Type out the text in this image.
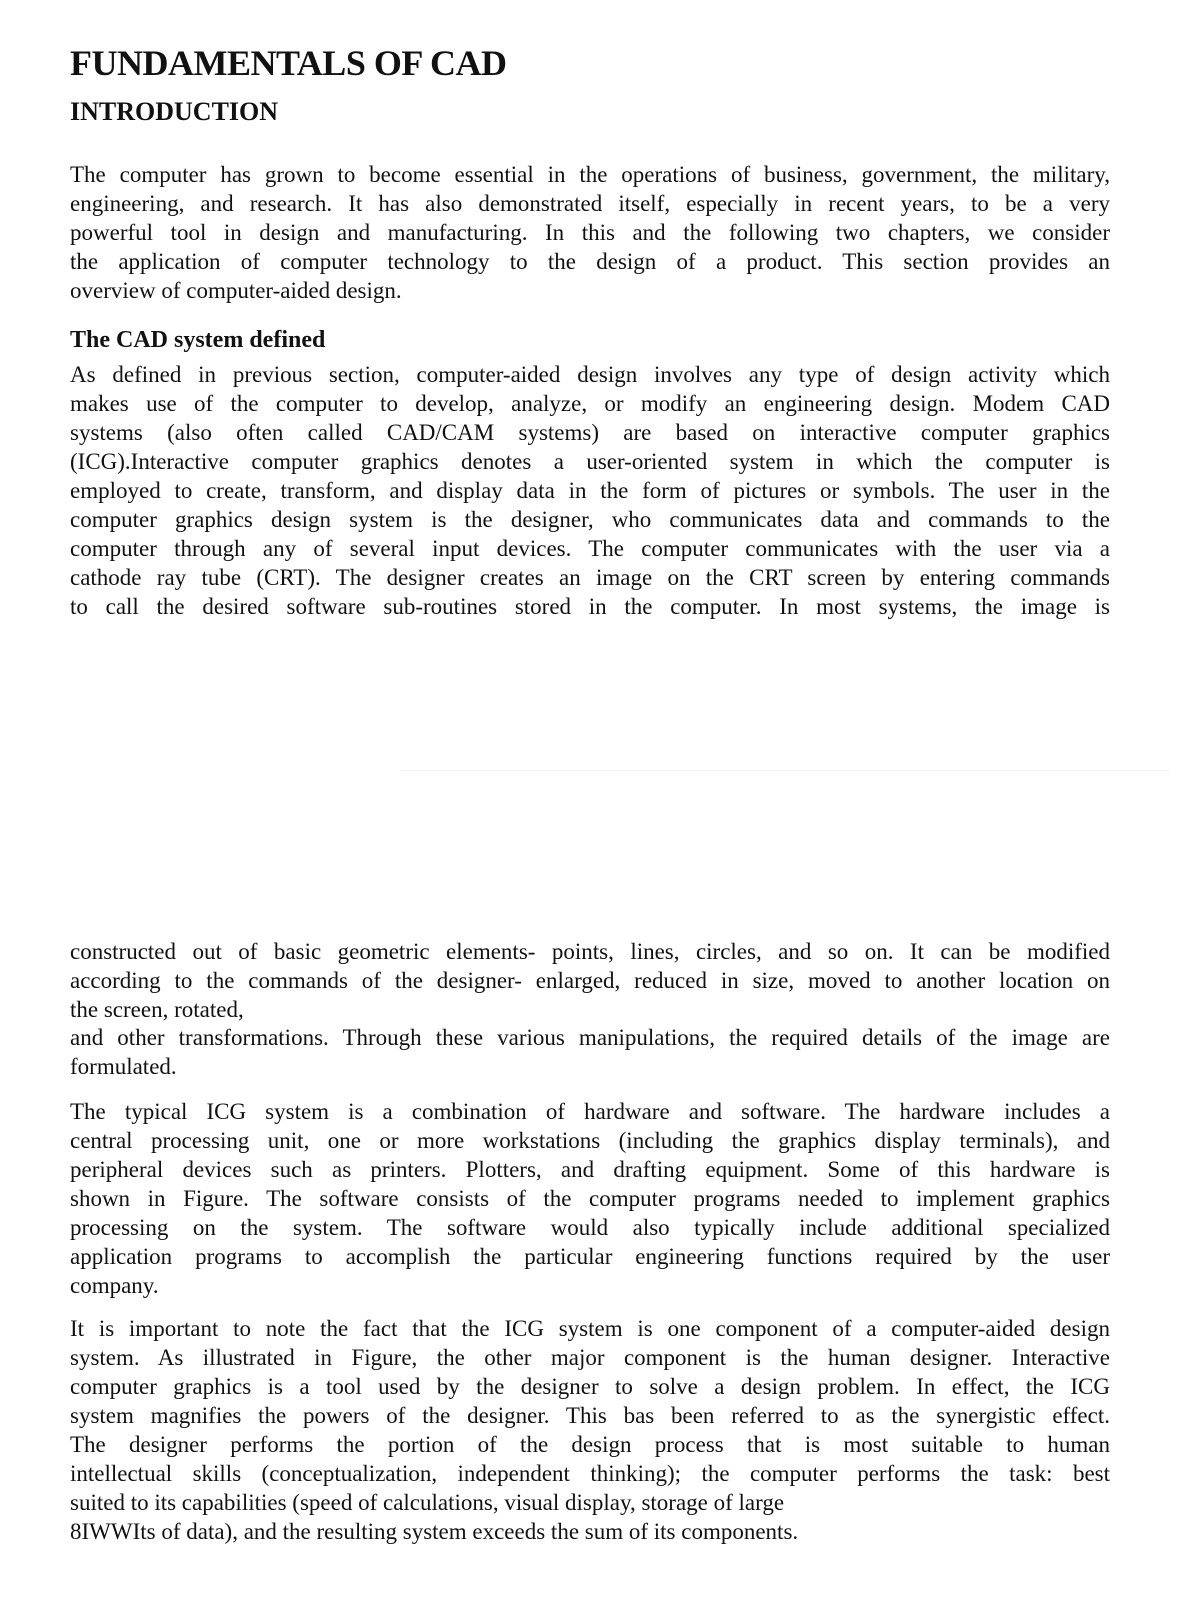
FUNDAMENTALS OF CAD
INTRODUCTION

The computer has grown to become essential in the operations of business, government, the military,
engineering, and research. It has also demonstrated itself, especially in recent years, to be a very
powerful tool in design and manufacturing. In this and the following two chapters, we consider
the application of computer technology to the design of a product. This section provides an
overview of computer-aided design.

The CAD system defined

As defined in previous section, computer-aided design involves any type of design activity which
makes use of the computer to develop, analyze, or modify an engineering design. Modem CAD
systems (also often called CAD/CAM systems) are based on interactive computer graphics
(ICG).Interactive computer graphics denotes a user-oriented system in which the computer is
employed to create, transform, and display data in the form of pictures or symbols. The user in the
computer graphics design system is the designer, who communicates data and commands to the
computer through any of several input devices. The computer communicates with the user via a
cathode ray tube (CRT). The designer creates an image on the CRT screen by entering commands
to call the desired software sub-routines stored in the computer. In most systems, the image is

constructed out of basic geometric elements- points, lines, circles, and so on. It can be modified
according to the commands of the designer- enlarged, reduced in size, moved to another location on
the screen, rotated,

and other transformations. Through these various manipulations, the required details of the image are
formulated.

The typical ICG system is a combination of hardware and software. The hardware includes a
central processing unit, one or more workstations (including the graphics display terminals), and
peripheral devices such as printers. Plotters, and drafting equipment. Some of this hardware is
shown in Figure. The software consists of the computer programs needed to implement graphics
processing on the system. The software would also typically include additional specialized
application programs to accomplish the particular engineering functions required by the user
company.

It is important to note the fact that the ICG system is one component of a computer-aided design
system. As illustrated in Figure, the other major component is the human designer. Interactive
computer graphics is a tool used by the designer to solve a design problem. In effect, the ICG
system magnifies the powers of the designer. This bas been referred to as the synergistic effect.
The designer performs the portion of the design process that is most suitable to human
intellectual skills (conceptualization, independent thinking); the computer performs the task: best
suited to its capabilities (speed of calculations, visual display, storage of large
8IWWIts of data), and the resulting system exceeds the sum of its components.
